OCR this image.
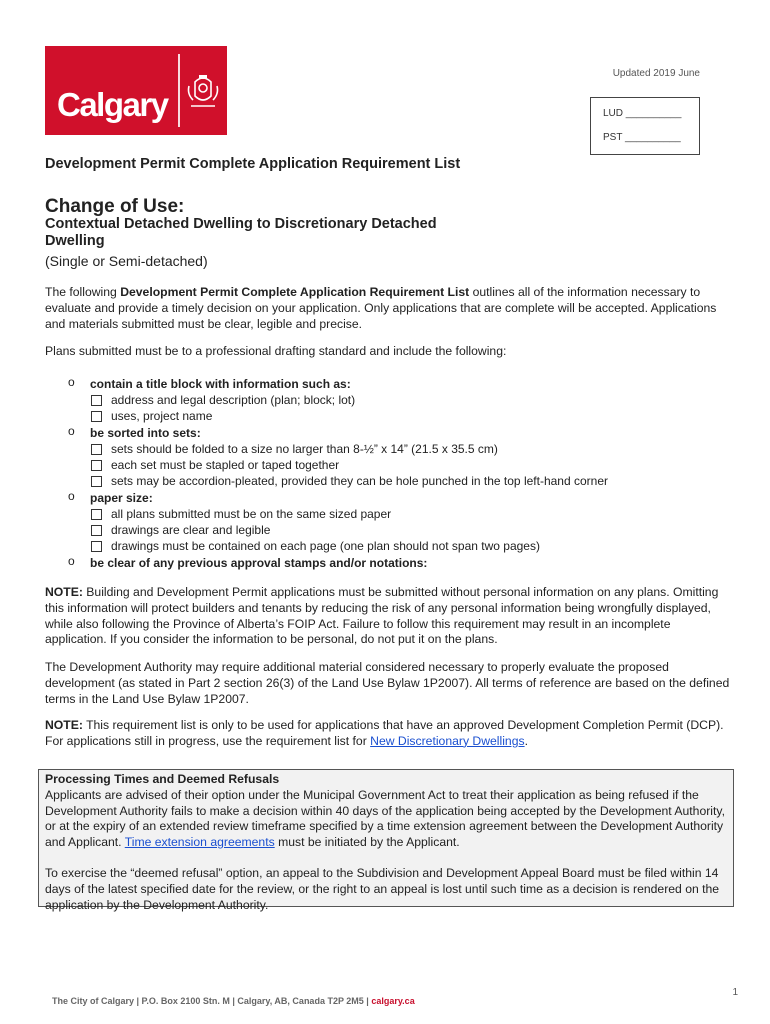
Calgary
Updated 2019 June
LUD __________
PST __________
Development Permit Complete Application Requirement List
Change of Use:
Contextual Detached Dwelling to Discretionary Detached Dwelling
(Single or Semi-detached)
The following Development Permit Complete Application Requirement List outlines all of the information necessary to evaluate and provide a timely decision on your application. Only applications that are complete will be accepted. Applications and materials submitted must be clear, legible and precise.
Plans submitted must be to a professional drafting standard and include the following:
o contain a title block with information such as:
address and legal description (plan; block; lot)
uses, project name
o be sorted into sets:
sets should be folded to a size no larger than 8-½” x 14” (21.5 x 35.5 cm)
each set must be stapled or taped together
sets may be accordion-pleated, provided they can be hole punched in the top left-hand corner
o paper size:
all plans submitted must be on the same sized paper
drawings are clear and legible
drawings must be contained on each page (one plan should not span two pages)
o be clear of any previous approval stamps and/or notations:
NOTE: Building and Development Permit applications must be submitted without personal information on any plans. Omitting this information will protect builders and tenants by reducing the risk of any personal information being wrongfully displayed, while also following the Province of Alberta’s FOIP Act. Failure to follow this requirement may result in an incomplete application. If you consider the information to be personal, do not put it on the plans.
The Development Authority may require additional material considered necessary to properly evaluate the proposed development (as stated in Part 2 section 26(3) of the Land Use Bylaw 1P2007). All terms of reference are based on the defined terms in the Land Use Bylaw 1P2007.
NOTE: This requirement list is only to be used for applications that have an approved Development Completion Permit (DCP). For applications still in progress, use the requirement list for New Discretionary Dwellings.
Processing Times and Deemed Refusals
Applicants are advised of their option under the Municipal Government Act to treat their application as being refused if the Development Authority fails to make a decision within 40 days of the application being accepted by the Development Authority, or at the expiry of an extended review timeframe specified by a time extension agreement between the Development Authority and Applicant. Time extension agreements must be initiated by the Applicant.
To exercise the “deemed refusal” option, an appeal to the Subdivision and Development Appeal Board must be filed within 14 days of the latest specified date for the review, or the right to an appeal is lost until such time as a decision is rendered on the application by the Development Authority.
The City of Calgary | P.O. Box 2100 Stn. M | Calgary, AB, Canada T2P 2M5 | calgary.ca
1
